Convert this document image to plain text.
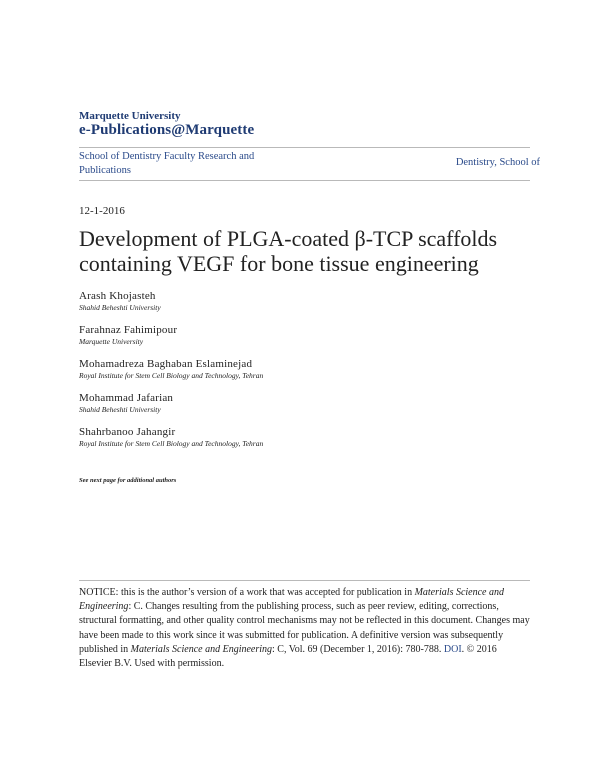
Marquette University
e-Publications@Marquette
School of Dentistry Faculty Research and Publications
Dentistry, School of
12-1-2016
Development of PLGA-coated β-TCP scaffolds containing VEGF for bone tissue engineering
Arash Khojasteh
Shahid Beheshti University
Farahnaz Fahimipour
Marquette University
Mohamadreza Baghaban Eslaminejad
Royal Institute for Stem Cell Biology and Technology, Tehran
Mohammad Jafarian
Shahid Beheshti University
Shahrbanoo Jahangir
Royal Institute for Stem Cell Biology and Technology, Tehran
See next page for additional authors
NOTICE: this is the author’s version of a work that was accepted for publication in Materials Science and Engineering: C. Changes resulting from the publishing process, such as peer review, editing, corrections, structural formatting, and other quality control mechanisms may not be reflected in this document. Changes may have been made to this work since it was submitted for publication. A definitive version was subsequently published in Materials Science and Engineering: C, Vol. 69 (December 1, 2016): 780-788. DOI. © 2016 Elsevier B.V. Used with permission.
